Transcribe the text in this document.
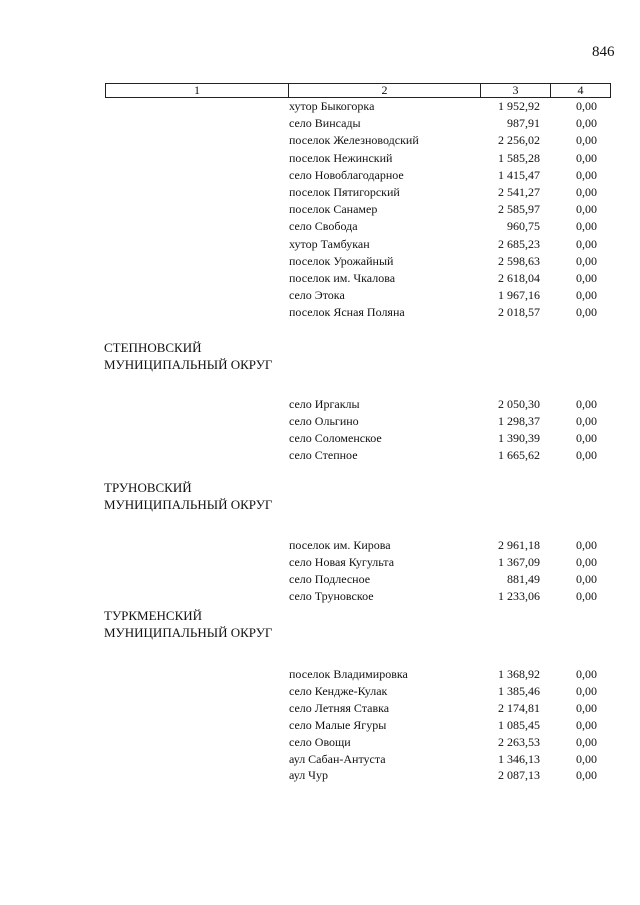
846
1	2	3	4
хутор Быкогорка	1 952,92	0,00
село Винсады	987,91	0,00
поселок Железноводский	2 256,02	0,00
поселок Нежинский	1 585,28	0,00
село Новоблагодарное	1 415,47	0,00
поселок Пятигорский	2 541,27	0,00
поселок Санамер	2 585,97	0,00
село Свобода	960,75	0,00
хутор Тамбукан	2 685,23	0,00
поселок Урожайный	2 598,63	0,00
поселок им. Чкалова	2 618,04	0,00
село Этока	1 967,16	0,00
поселок Ясная Поляна	2 018,57	0,00
СТЕПНОВСКИЙ
МУНИЦИПАЛЬНЫЙ ОКРУГ
село Иргаклы	2 050,30	0,00
село Ольгино	1 298,37	0,00
село Соломенское	1 390,39	0,00
село Степное	1 665,62	0,00
ТРУНОВСКИЙ
МУНИЦИПАЛЬНЫЙ ОКРУГ
поселок им. Кирова	2 961,18	0,00
село Новая Кугульта	1 367,09	0,00
село Подлесное	881,49	0,00
село Труновское	1 233,06	0,00
ТУРКМЕНСКИЙ
МУНИЦИПАЛЬНЫЙ ОКРУГ
поселок Владимировка	1 368,92	0,00
село Кендже-Кулак	1 385,46	0,00
село Летняя Ставка	2 174,81	0,00
село Малые Ягуры	1 085,45	0,00
село Овощи	2 263,53	0,00
аул Сабан-Антуста	1 346,13	0,00
аул Чур	2 087,13	0,00
